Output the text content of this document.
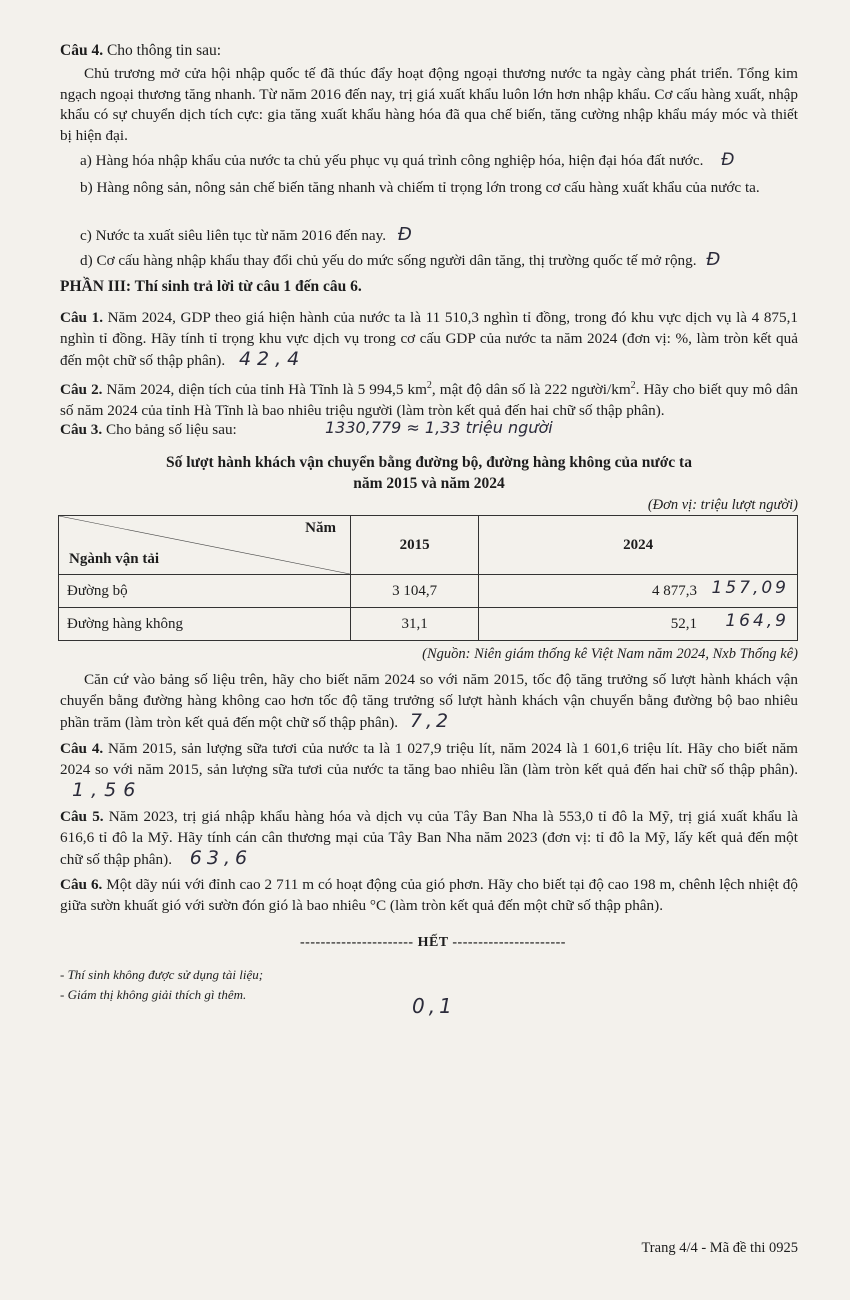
Câu 4. Cho thông tin sau:
Chủ trương mở cửa hội nhập quốc tế đã thúc đẩy hoạt động ngoại thương nước ta ngày càng phát triển. Tổng kim ngạch ngoại thương tăng nhanh. Từ năm 2016 đến nay, trị giá xuất khẩu luôn lớn hơn nhập khẩu. Cơ cấu hàng xuất, nhập khẩu có sự chuyển dịch tích cực: gia tăng xuất khẩu hàng hóa đã qua chế biến, tăng cường nhập khẩu máy móc và thiết bị hiện đại.
a) Hàng hóa nhập khẩu của nước ta chủ yếu phục vụ quá trình công nghiệp hóa, hiện đại hóa đất nước. Đ
b) Hàng nông sản, nông sản chế biến tăng nhanh và chiếm tỉ trọng lớn trong cơ cấu hàng xuất khẩu của nước ta.
c) Nước ta xuất siêu liên tục từ năm 2016 đến nay. Đ
d) Cơ cấu hàng nhập khẩu thay đổi chủ yếu do mức sống người dân tăng, thị trường quốc tế mở rộng. Đ
PHẦN III: Thí sinh trả lời từ câu 1 đến câu 6.
Câu 1. Năm 2024, GDP theo giá hiện hành của nước ta là 11 510,3 nghìn tỉ đồng, trong đó khu vực dịch vụ là 4 875,1 nghìn tỉ đồng. Hãy tính tỉ trọng khu vực dịch vụ trong cơ cấu GDP của nước ta năm 2024 (đơn vị: %, làm tròn kết quả đến một chữ số thập phân). 42,4
Câu 2. Năm 2024, diện tích của tỉnh Hà Tĩnh là 5 994,5 $km^2$, mật độ dân số là 222 người/$km^2$. Hãy cho biết quy mô dân số năm 2024 của tỉnh Hà Tĩnh là bao nhiêu triệu người (làm tròn kết quả đến hai chữ số thập phân).
Câu 3. Cho bảng số liệu sau:	1330,779 ≈ 1,33 triệu người
Số lượt hành khách vận chuyển bằng đường bộ, đường hàng không của nước ta
năm 2015 và năm 2024
(Đơn vị: triệu lượt người)
Năm
Ngành vận tải	2015	2024
Đường bộ	3 104,7	4 877,3 157,09

Đường hàng không	31,1	52,1 164,9
(Nguồn: Niên giám thống kê Việt Nam năm 2024, Nxb Thống kê)
Căn cứ vào bảng số liệu trên, hãy cho biết năm 2024 so với năm 2015, tốc độ tăng trưởng số lượt hành khách vận chuyển bằng đường hàng không cao hơn tốc độ tăng trưởng số lượt hành khách vận chuyển bằng đường bộ bao nhiêu phần trăm (làm tròn kết quả đến một chữ số thập phân). 7,2
Câu 4. Năm 2015, sản lượng sữa tươi của nước ta là 1 027,9 triệu lít, năm 2024 là 1 601,6 triệu lít. Hãy cho biết năm 2024 so với năm 2015, sản lượng sữa tươi của nước ta tăng bao nhiêu lần (làm tròn kết quả đến hai chữ số thập phân). 1,56
Câu 5. Năm 2023, trị giá nhập khẩu hàng hóa và dịch vụ của Tây Ban Nha là 553,0 tỉ đô la Mỹ, trị giá xuất khẩu là 616,6 tỉ đô la Mỹ. Hãy tính cán cân thương mại của Tây Ban Nha năm 2023 (đơn vị: tỉ đô la Mỹ, lấy kết quả đến một chữ số thập phân). 63,6
Câu 6. Một dãy núi với đỉnh cao 2 711 m có hoạt động của gió phơn. Hãy cho biết tại độ cao 198 m, chênh lệch nhiệt độ giữa sườn khuất gió với sườn đón gió là bao nhiêu °C (làm tròn kết quả đến một chữ số thập phân).
---------------------- HẾT ----------------------
- Thí sinh không được sử dụng tài liệu;
- Giám thị không giải thích gì thêm.	0,1
Trang 4/4 - Mã đề thi 0925
